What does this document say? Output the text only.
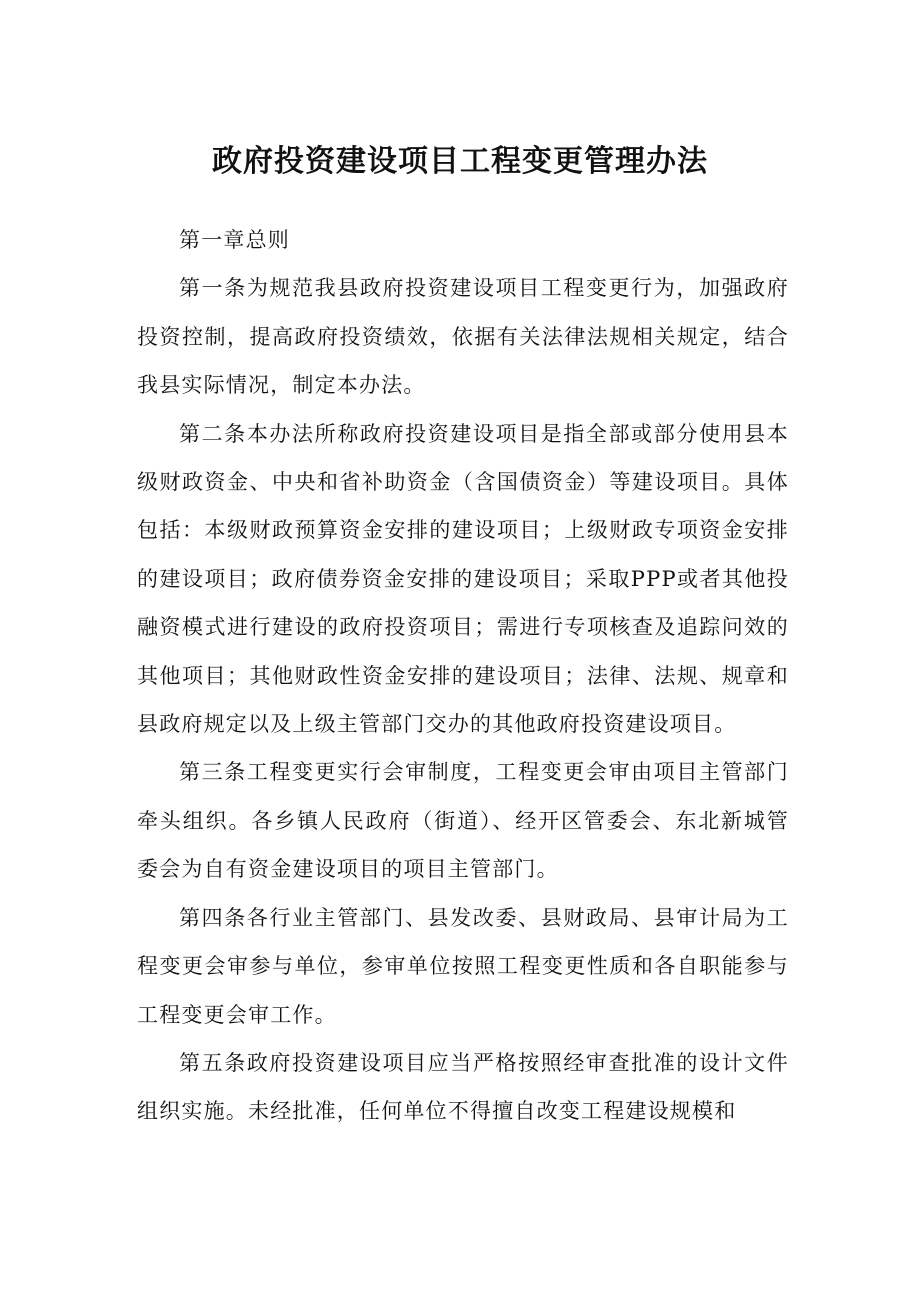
政府投资建设项目工程变更管理办法

第一章总则

第一条为规范我县政府投资建设项目工程变更行为，加强政府投资控制，提高政府投资绩效，依据有关法律法规相关规定，结合我县实际情况，制定本办法。

第二条本办法所称政府投资建设项目是指全部或部分使用县本级财政资金、中央和省补助资金（含国债资金）等建设项目。具体包括：本级财政预算资金安排的建设项目；上级财政专项资金安排的建设项目；政府债券资金安排的建设项目；采取PPP或者其他投融资模式进行建设的政府投资项目；需进行专项核查及追踪问效的其他项目；其他财政性资金安排的建设项目；法律、法规、规章和县政府规定以及上级主管部门交办的其他政府投资建设项目。

第三条工程变更实行会审制度，工程变更会审由项目主管部门牵头组织。各乡镇人民政府（街道）、经开区管委会、东北新城管委会为自有资金建设项目的项目主管部门。

第四条各行业主管部门、县发改委、县财政局、县审计局为工程变更会审参与单位，参审单位按照工程变更性质和各自职能参与工程变更会审工作。

第五条政府投资建设项目应当严格按照经审查批准的设计文件组织实施。未经批准，任何单位不得擅自改变工程建设规模和
